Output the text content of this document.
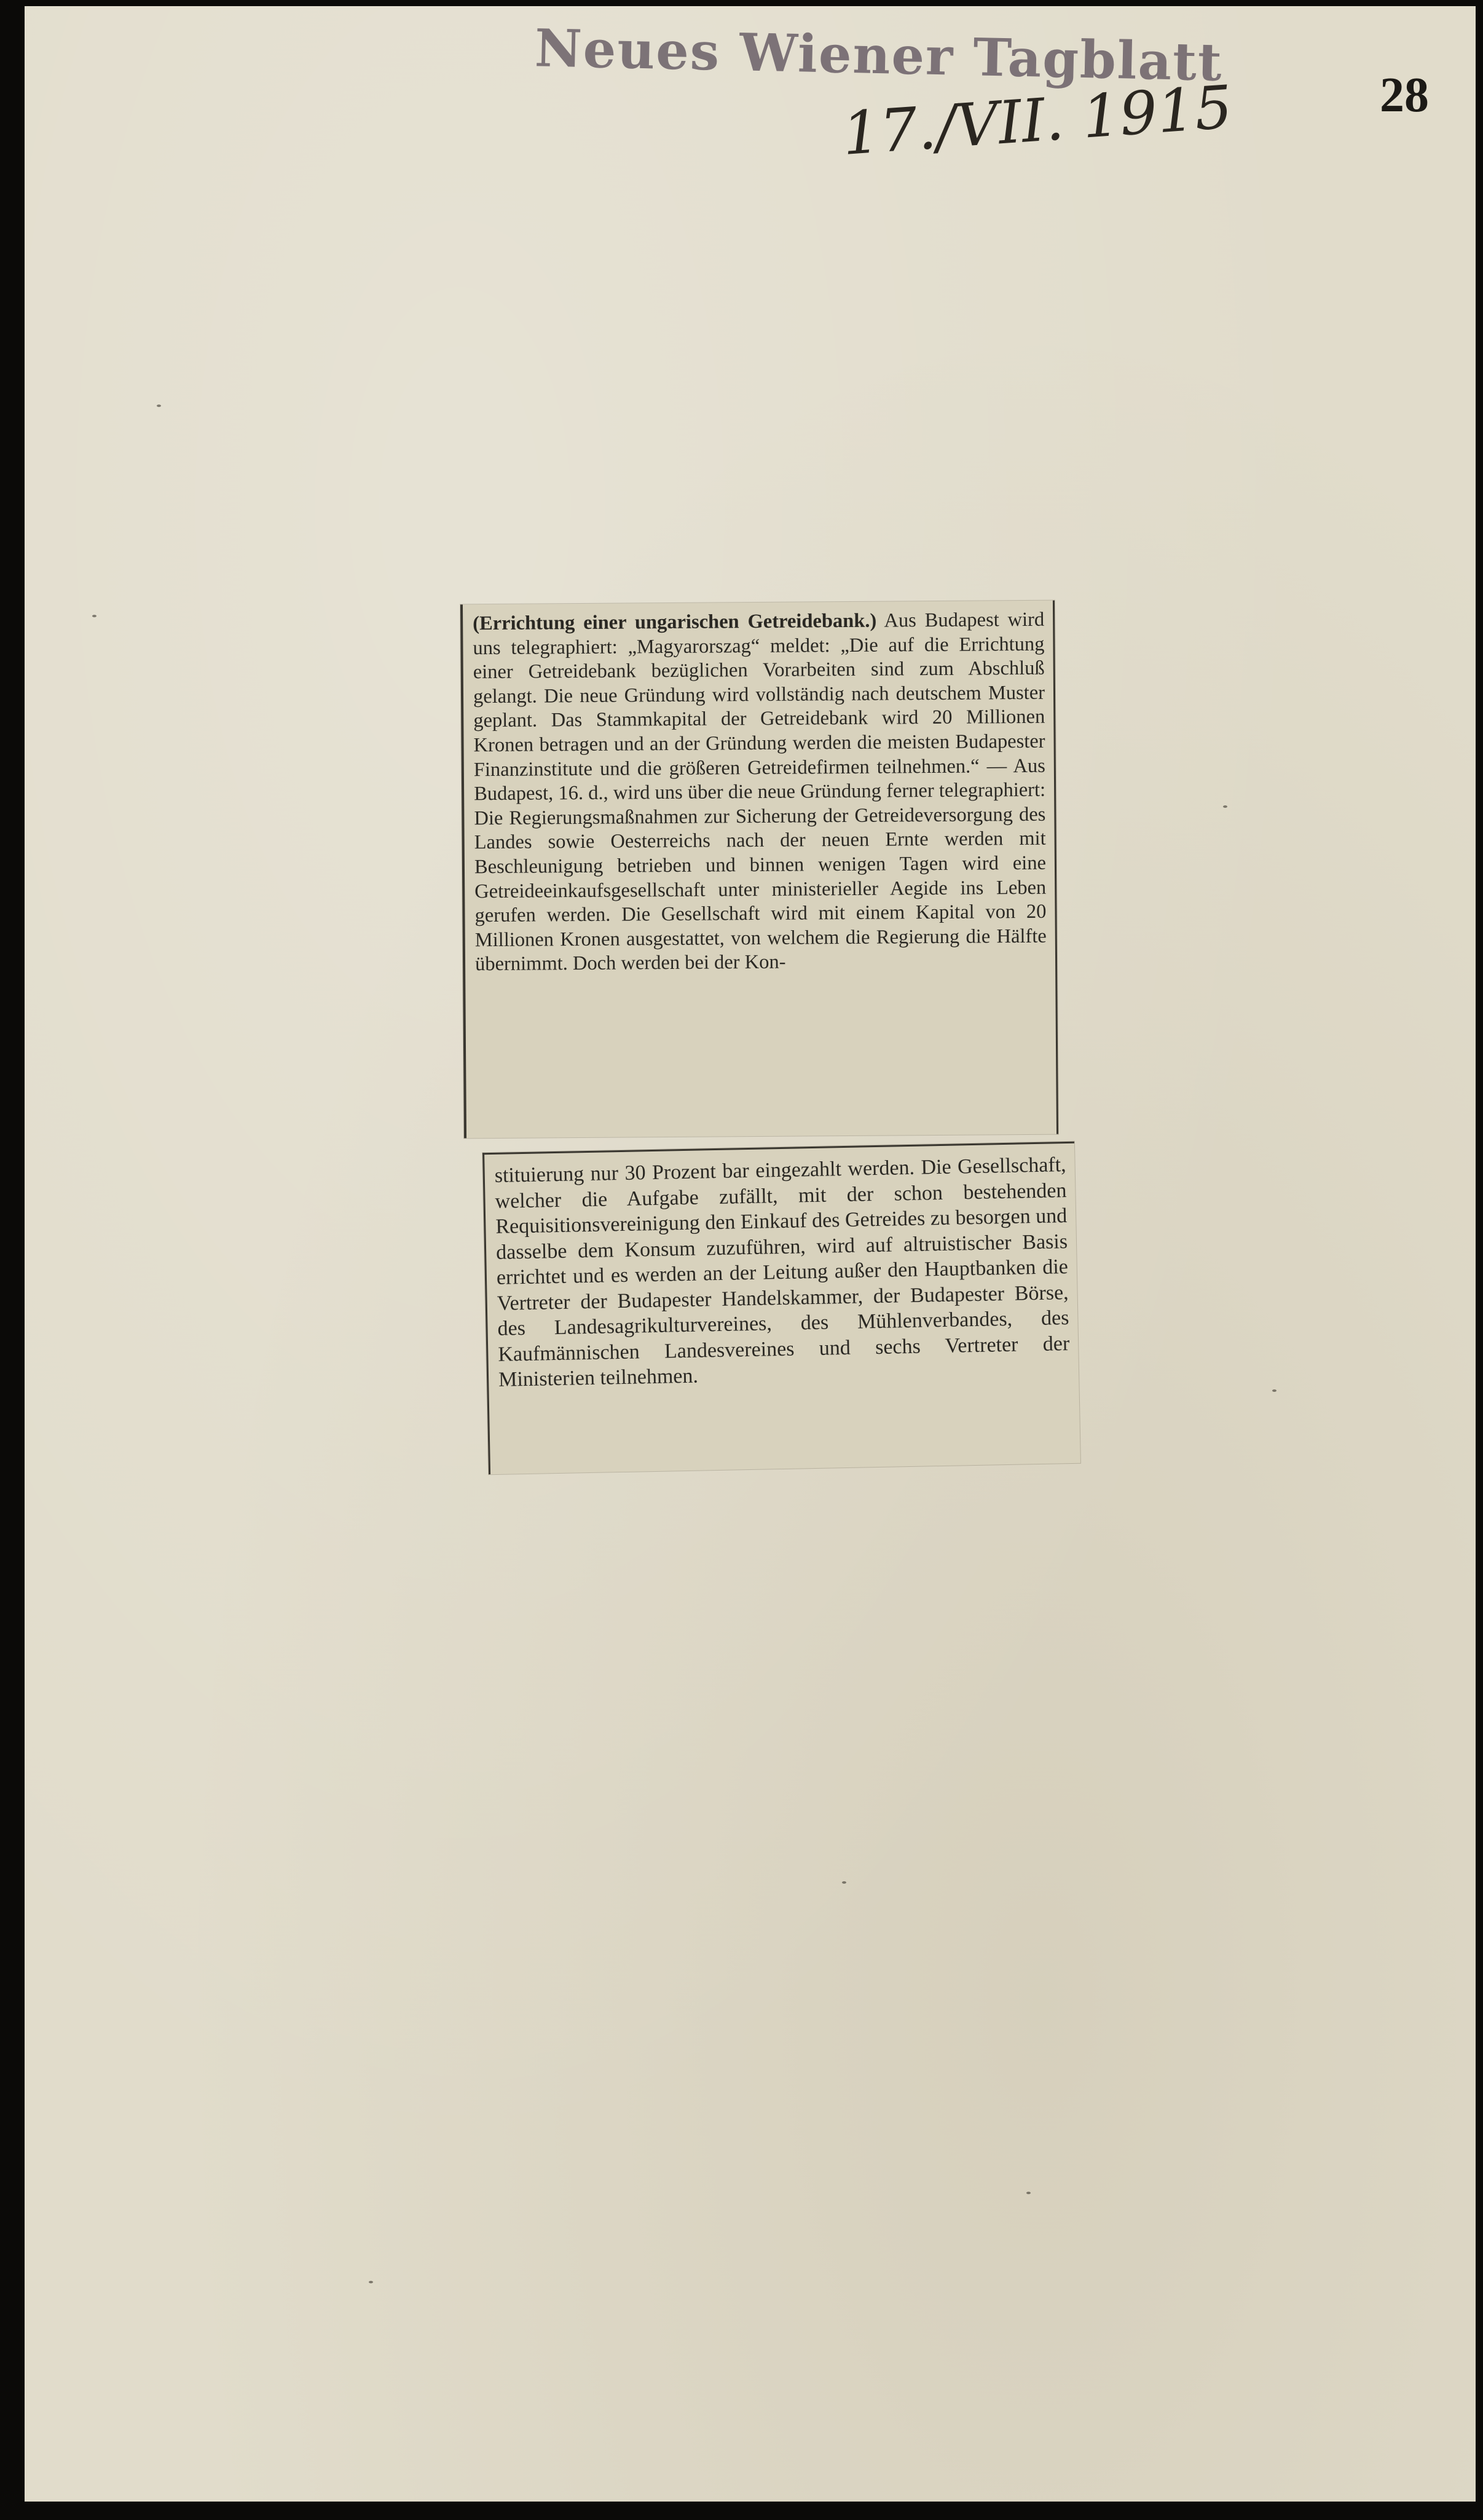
Neues Wiener Tagblatt
17./VII. 1915	28

(Errichtung einer ungarischen Getreidebank.) Aus Budapest wird uns telegraphiert: „Magyarorszag“ meldet: „Die auf die Errichtung einer Getreidebank bezüglichen Vorarbeiten sind zum Abschluß gelangt. Die neue Gründung wird vollständig nach deutschem Muster geplant. Das Stammkapital der Getreidebank wird 20 Millionen Kronen betragen und an der Gründung werden die meisten Budapester Finanzinstitute und die größeren Getreidefirmen teilnehmen.“ — Aus Budapest, 16. d., wird uns über die neue Gründung ferner telegraphiert: Die Regierungsmaßnahmen zur Sicherung der Getreideversorgung des Landes sowie Oesterreichs nach der neuen Ernte werden mit Beschleunigung betrieben und binnen wenigen Tagen wird eine Getreideeinkaufsgesellschaft unter ministerieller Aegide ins Leben gerufen werden. Die Gesellschaft wird mit einem Kapital von 20 Millionen Kronen ausgestattet, von welchem die Regierung die Hälfte übernimmt. Doch werden bei der Kon-

stituierung nur 30 Prozent bar eingezahlt werden. Die Gesellschaft, welcher die Aufgabe zufällt, mit der schon bestehenden Requisitionsvereinigung den Einkauf des Getreides zu besorgen und dasselbe dem Konsum zuzuführen, wird auf altruistischer Basis errichtet und es werden an der Leitung außer den Hauptbanken die Vertreter der Budapester Handelskammer, der Budapester Börse, des Landesagrikulturvereines, des Mühlenverbandes, des Kaufmännischen Landesvereines und sechs Vertreter der Ministerien teilnehmen.
